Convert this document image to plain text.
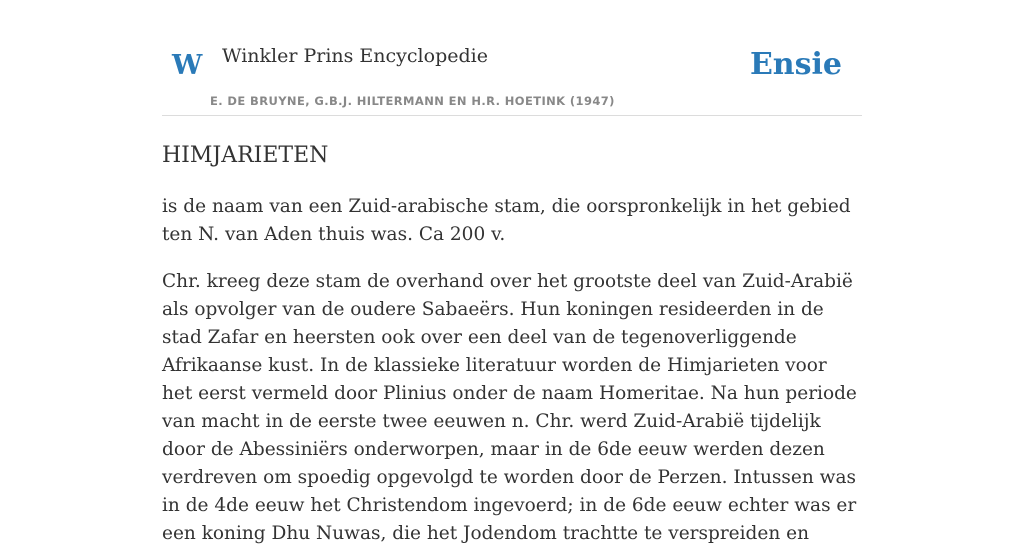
W Winkler Prins Encyclopedie
E. DE BRUYNE, G.B.J. HILTERMANN EN H.R. HOETINK (1947)
Ensie
HIMJARIETEN

is de naam van een Zuid-arabische stam, die oorspronkelijk in het gebied ten N. van Aden thuis was. Ca 200 v.

Chr. kreeg deze stam de overhand over het grootste deel van Zuid-Arabië als opvolger van de oudere Sabaeërs. Hun koningen resideerden in de stad Zafar en heersten ook over een deel van de tegenoverliggende Afrikaanse kust. In de klassieke literatuur worden de Himjarieten voor het eerst vermeld door Plinius onder de naam Homeritae. Na hun periode van macht in de eerste twee eeuwen n. Chr. werd Zuid-Arabië tijdelijk door de Abessiniërs onderworpen, maar in de 6de eeuw werden dezen verdreven om spoedig opgevolgd te worden door de Perzen. Intussen was in de 4de eeuw het Christendom ingevoerd; in de 6de eeuw echter was er een koning Dhu Nuwas, die het Jodendom trachtte te verspreiden en
